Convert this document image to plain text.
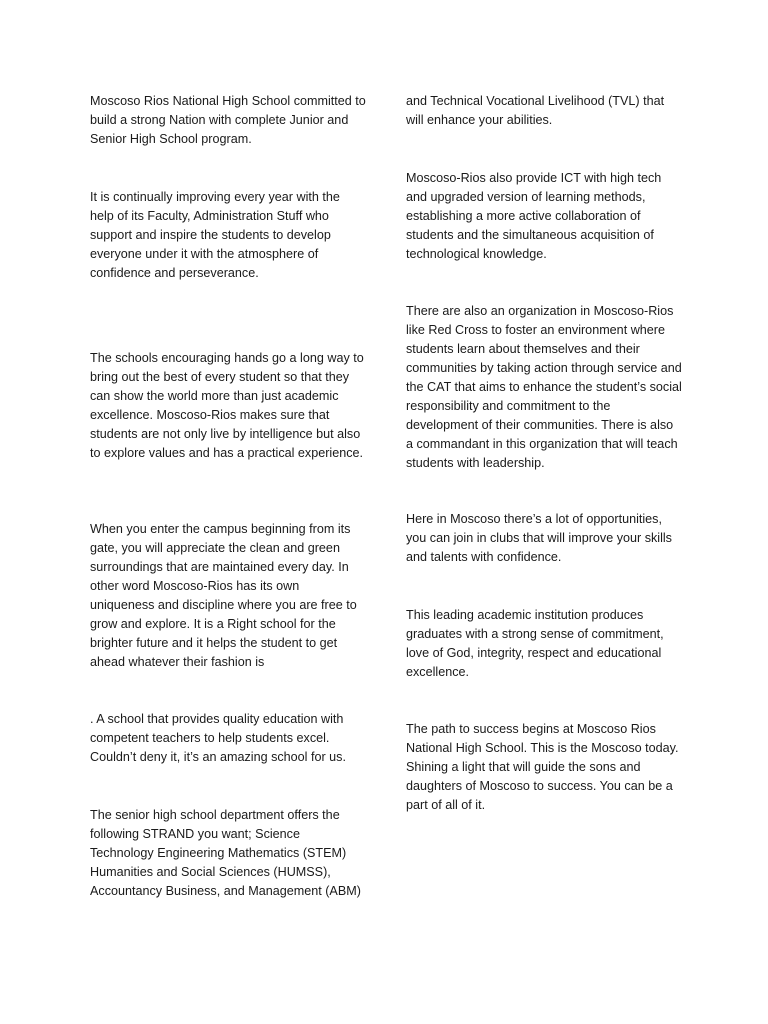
Moscoso Rios National High School committed to build a strong Nation with complete Junior and Senior High School program.

It is continually improving every year with the help of its Faculty, Administration Stuff who support and inspire the students to develop everyone under it with the atmosphere of confidence and perseverance.

The schools encouraging hands go a long way to bring out the best of every student so that they can show the world more than just academic excellence. Moscoso-Rios makes sure that students are not only live by intelligence but also to explore values and has a practical experience.

When you enter the campus beginning from its gate, you will appreciate the clean and green surroundings that are maintained every day. In other word Moscoso-Rios has its own uniqueness and discipline where you are free to grow and explore. It is a Right school for the brighter future and it helps the student to get ahead whatever their fashion is

. A school that provides quality education with competent teachers to help students excel. Couldn’t deny it, it’s an amazing school for us.

The senior high school department offers the following STRAND you want; Science Technology Engineering Mathematics (STEM) Humanities and Social Sciences (HUMSS), Accountancy Business, and Management (ABM)

and Technical Vocational Livelihood (TVL) that will enhance your abilities.

Moscoso-Rios also provide ICT with high tech and upgraded version of learning methods, establishing a more active collaboration of students and the simultaneous acquisition of technological knowledge.

There are also an organization in Moscoso-Rios like Red Cross to foster an environment where students learn about themselves and their communities by taking action through service and the CAT that aims to enhance the student’s social responsibility and commitment to the development of their communities. There is also a commandant in this organization that will teach students with leadership.

Here in Moscoso there’s a lot of opportunities, you can join in clubs that will improve your skills and talents with confidence.

This leading academic institution produces graduates with a strong sense of commitment, love of God, integrity, respect and educational excellence.

The path to success begins at Moscoso Rios National High School. This is the Moscoso today. Shining a light that will guide the sons and daughters of Moscoso to success. You can be a part of all of it.
